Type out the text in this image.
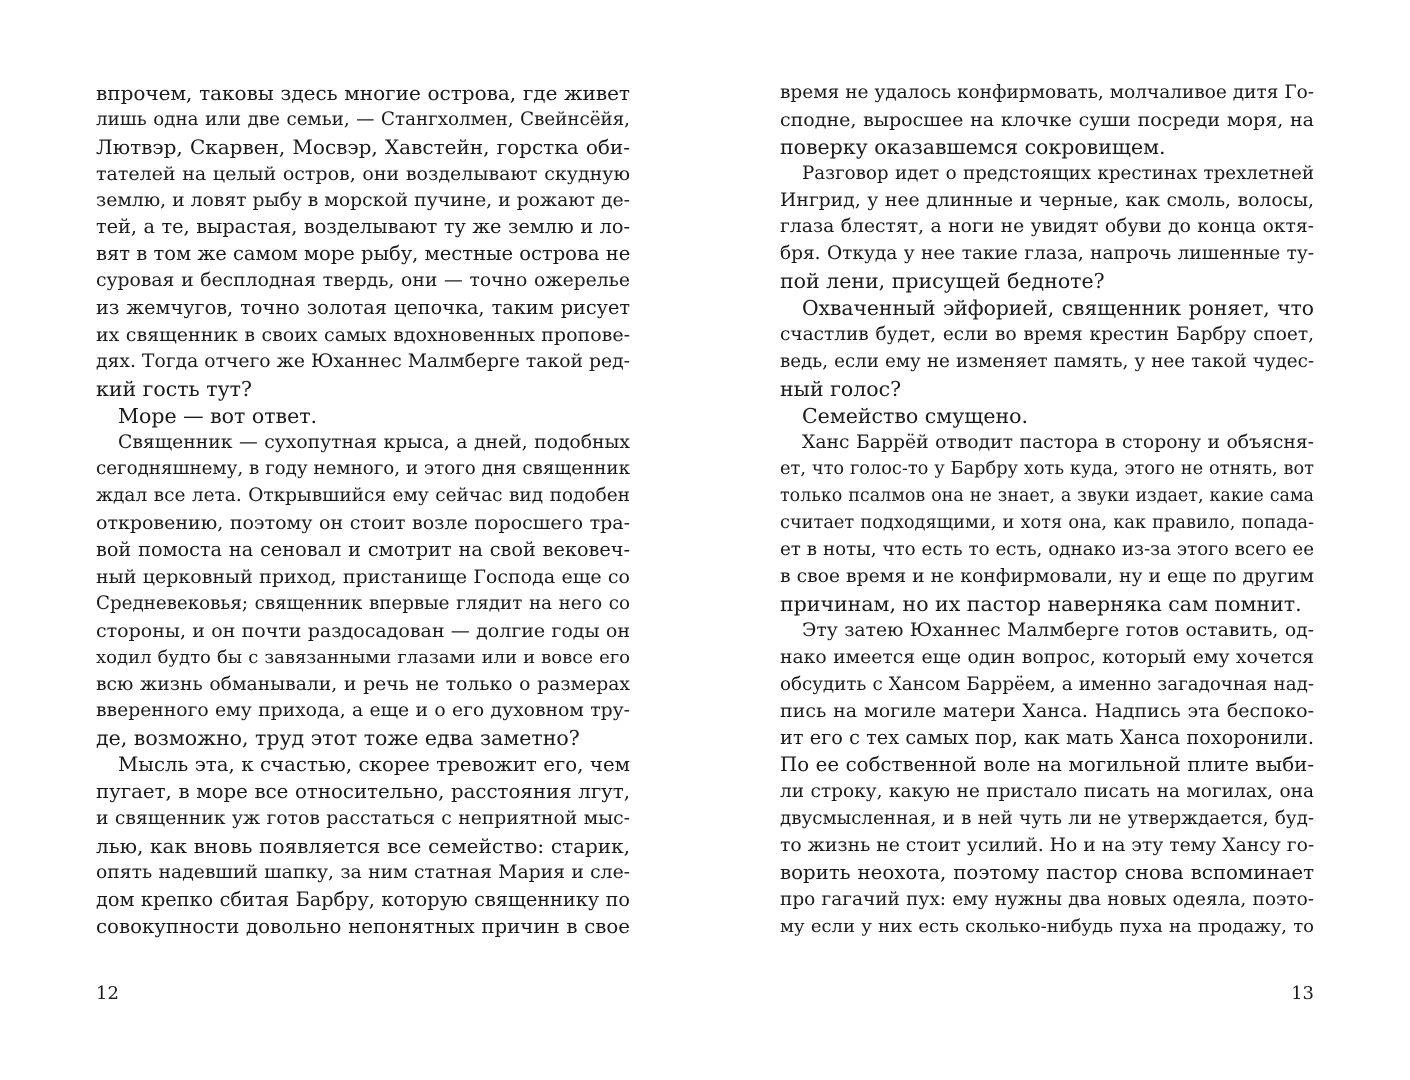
впрочем, таковы здесь многие острова, где живет
лишь одна или две семьи, — Стангхолмен, Свейнсёйя,
Лютвэр, Скарвен, Мосвэр, Хавстейн, горстка оби-
тателей на целый остров, они возделывают скудную
землю, и ловят рыбу в морской пучине, и рожают де-
тей, а те, вырастая, возделывают ту же землю и ло-
вят в том же самом море рыбу, местные острова не
суровая и бесплодная твердь, они — точно ожерелье
из жемчугов, точно золотая цепочка, таким рисует
их священник в своих самых вдохновенных пропове-
дях. Тогда отчего же Юханнес Малмберге такой ред-
кий гость тут?
Море — вот ответ.
Священник — сухопутная крыса, а дней, подобных
сегодняшнему, в году немного, и этого дня священник
ждал все лета. Открывшийся ему сейчас вид подобен
откровению, поэтому он стоит возле поросшего тра-
вой помоста на сеновал и смотрит на свой вековеч-
ный церковный приход, пристанище Господа еще со
Средневековья; священник впервые глядит на него со
стороны, и он почти раздосадован — долгие годы он
ходил будто бы с завязанными глазами или и вовсе его
всю жизнь обманывали, и речь не только о размерах
вверенного ему прихода, а еще и о его духовном тру-
де, возможно, труд этот тоже едва заметно?
Мысль эта, к счастью, скорее тревожит его, чем
пугает, в море все относительно, расстояния лгут,
и священник уж готов расстаться с неприятной мыс-
лью, как вновь появляется все семейство: старик,
опять надевший шапку, за ним статная Мария и сле-
дом крепко сбитая Барбру, которую священнику по
совокупности довольно непонятных причин в свое
12
время не удалось конфирмовать, молчаливое дитя Го-
сподне, выросшее на клочке суши посреди моря, на
поверку оказавшемся сокровищем.
Разговор идет о предстоящих крестинах трехлетней
Ингрид, у нее длинные и черные, как смоль, волосы,
глаза блестят, а ноги не увидят обуви до конца октя-
бря. Откуда у нее такие глаза, напрочь лишенные ту-
пой лени, присущей бедноте?
Охваченный эйфорией, священник роняет, что
счастлив будет, если во время крестин Барбру споет,
ведь, если ему не изменяет память, у нее такой чудес-
ный голос?
Семейство смущено.
Ханс Баррёй отводит пастора в сторону и объясня-
ет, что голос-то у Барбру хоть куда, этого не отнять, вот
только псалмов она не знает, а звуки издает, какие сама
считает подходящими, и хотя она, как правило, попада-
ет в ноты, что есть то есть, однако из-за этого всего ее
в свое время и не конфирмовали, ну и еще по другим
причинам, но их пастор наверняка сам помнит.
Эту затею Юханнес Малмберге готов оставить, од-
нако имеется еще один вопрос, который ему хочется
обсудить с Хансом Баррёем, а именно загадочная над-
пись на могиле матери Ханса. Надпись эта беспоко-
ит его с тех самых пор, как мать Ханса похоронили.
По ее собственной воле на могильной плите выби-
ли строку, какую не пристало писать на могилах, она
двусмысленная, и в ней чуть ли не утверждается, буд-
то жизнь не стоит усилий. Но и на эту тему Хансу го-
ворить неохота, поэтому пастор снова вспоминает
про гагачий пух: ему нужны два новых одеяла, поэто-
му если у них есть сколько-нибудь пуха на продажу, то
13
